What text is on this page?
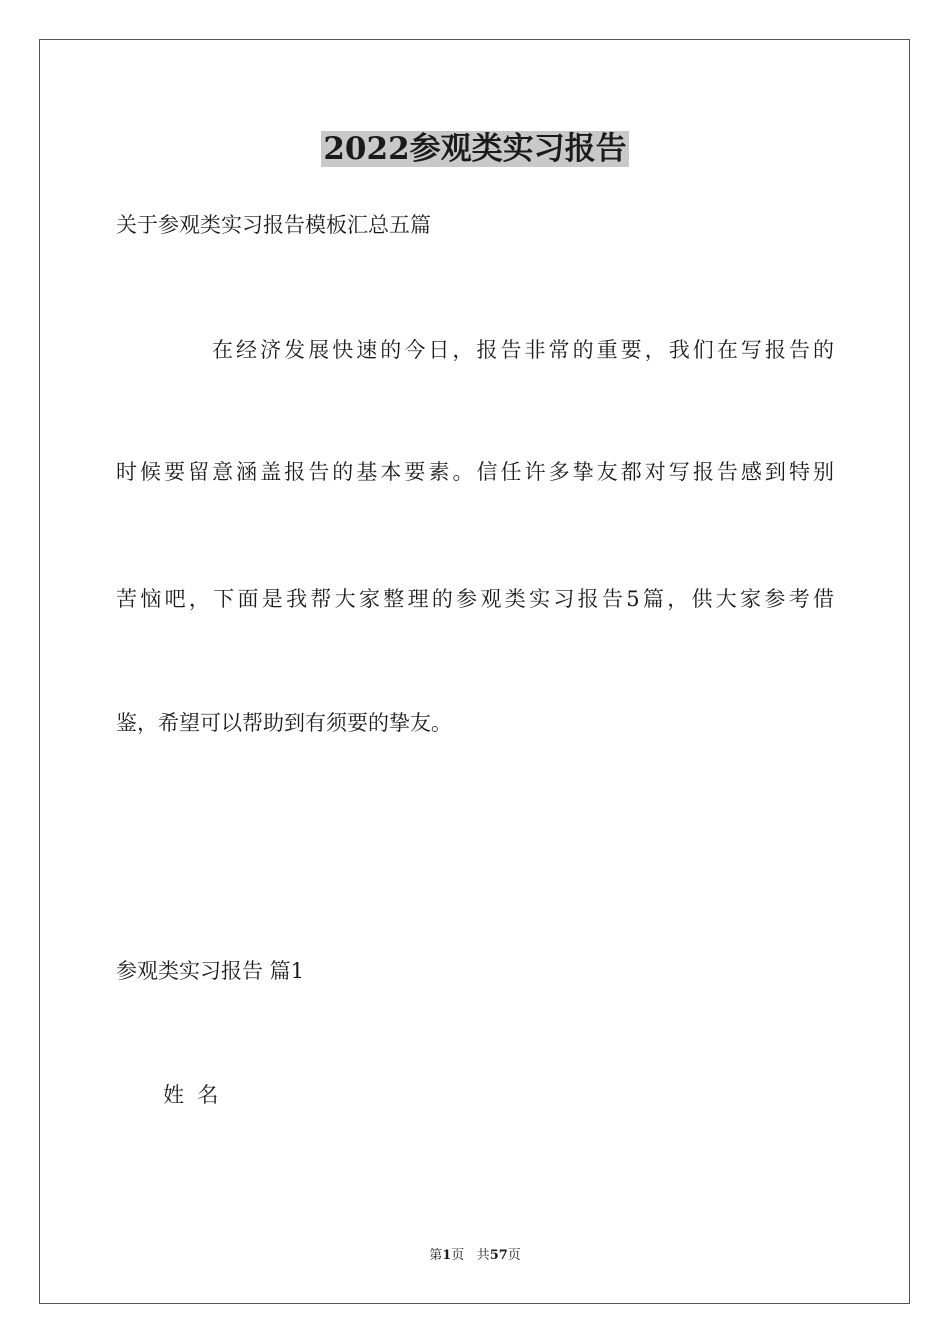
2022参观类实习报告

关于参观类实习报告模板汇总五篇

在经济发展快速的今日，报告非常的重要，我们在写报告的

时候要留意涵盖报告的基本要素。信任许多挚友都对写报告感到特别

苦恼吧，下面是我帮大家整理的参观类实习报告5篇，供大家参考借

鉴，希望可以帮助到有须要的挚友。

参观类实习报告 篇1

姓  名

第1页 共57页
